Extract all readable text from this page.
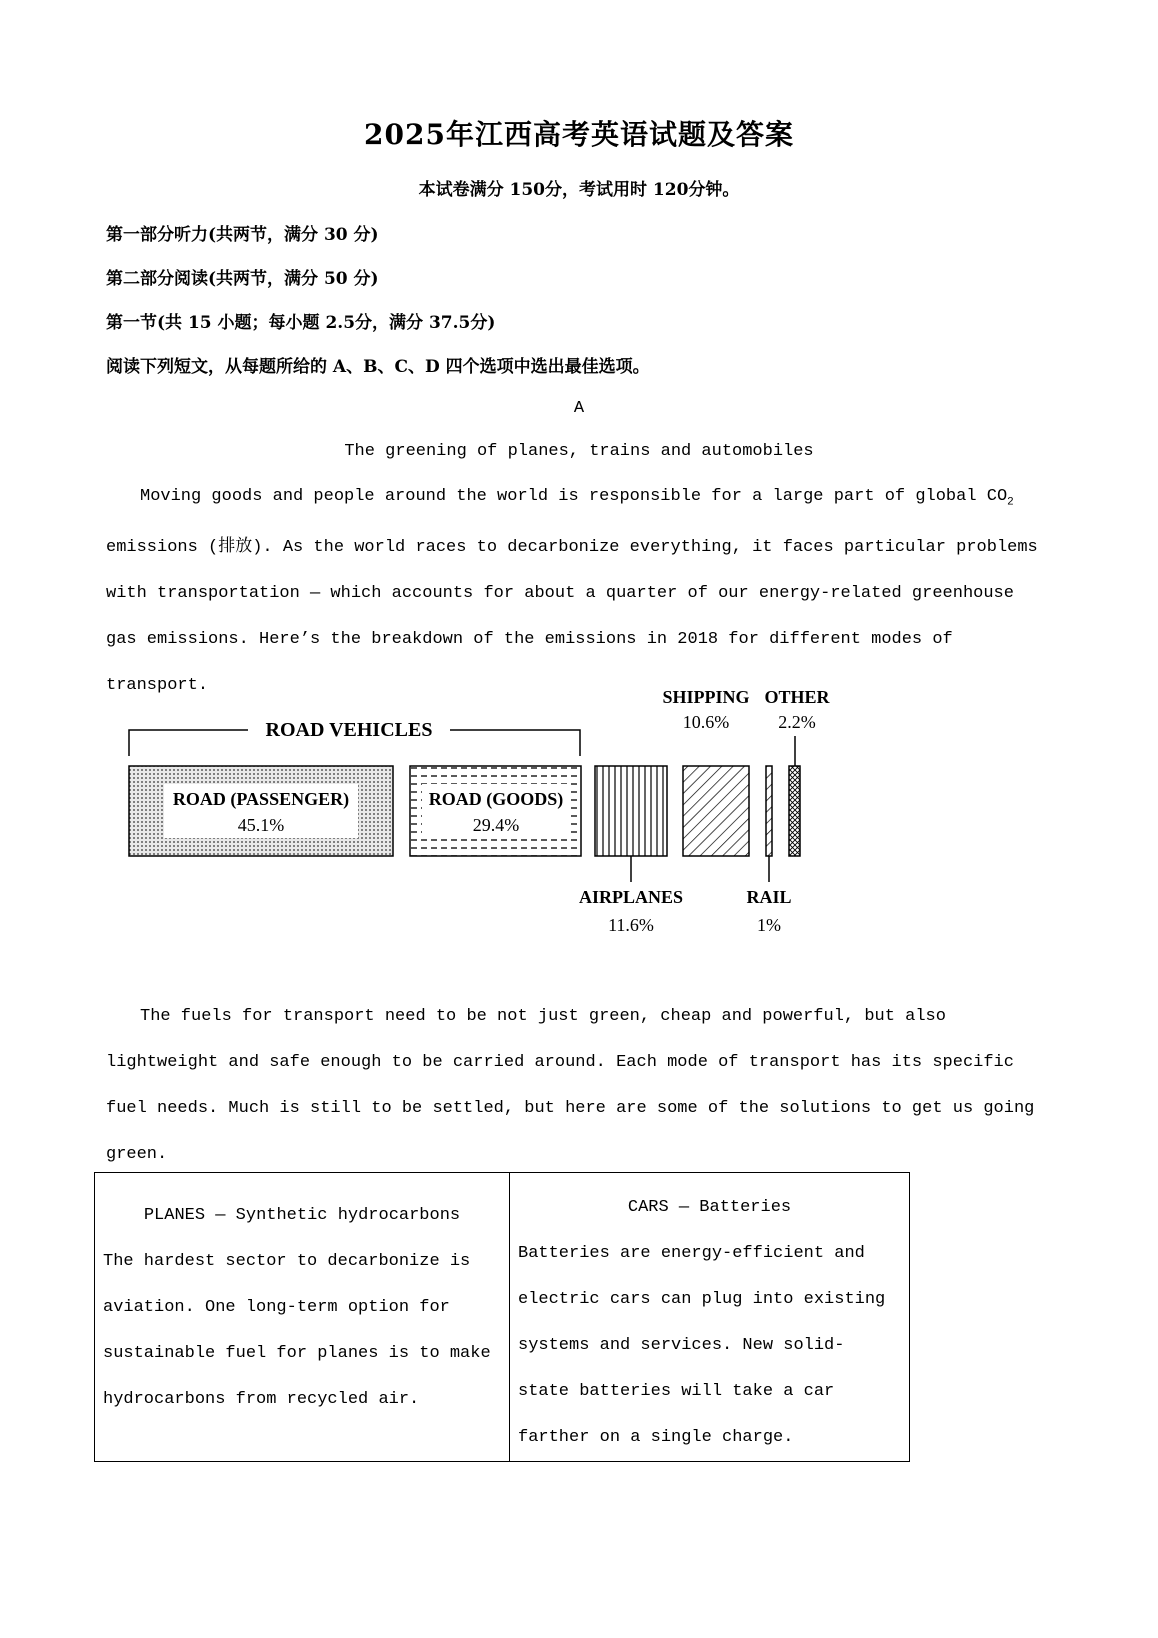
2025年江西高考英语试题及答案
本试卷满分 150分，考试用时 120分钟。
第一部分听力(共两节，满分 30 分)
第二部分阅读(共两节，满分 50 分)
第一节(共 15 小题；每小题 2.5分，满分 37.5分)
阅读下列短文，从每题所给的 A、B、C、D 四个选项中选出最佳选项。
A
The greening of planes, trains and automobiles
Moving goods and people around the world is responsible for a large part of global $CO_2$
emissions (排放). As the world races to decarbonize everything, it faces particular problems
with transportation — which accounts for about a quarter of our energy-related greenhouse
gas emissions. Here’s the breakdown of the emissions in 2018 for different modes of
transport.
ROAD VEHICLES
ROAD (PASSENGER)
45.1%
ROAD (GOODS)
29.4%
AIRPLANES
11.6%
SHIPPING
10.6%
RAIL
1%
OTHER
2.2%
The fuels for transport need to be not just green, cheap and powerful, but also
lightweight and safe enough to be carried around. Each mode of transport has its specific
fuel needs. Much is still to be settled, but here are some of the solutions to get us going
green.
PLANES — Synthetic hydrocarbons
The hardest sector to decarbonize is
aviation. One long-term option for
sustainable fuel for planes is to make
hydrocarbons from recycled air.

CARS — Batteries
Batteries are energy-efficient and
electric cars can plug into existing
systems and services. New solid-
state batteries will take a car
farther on a single charge.
